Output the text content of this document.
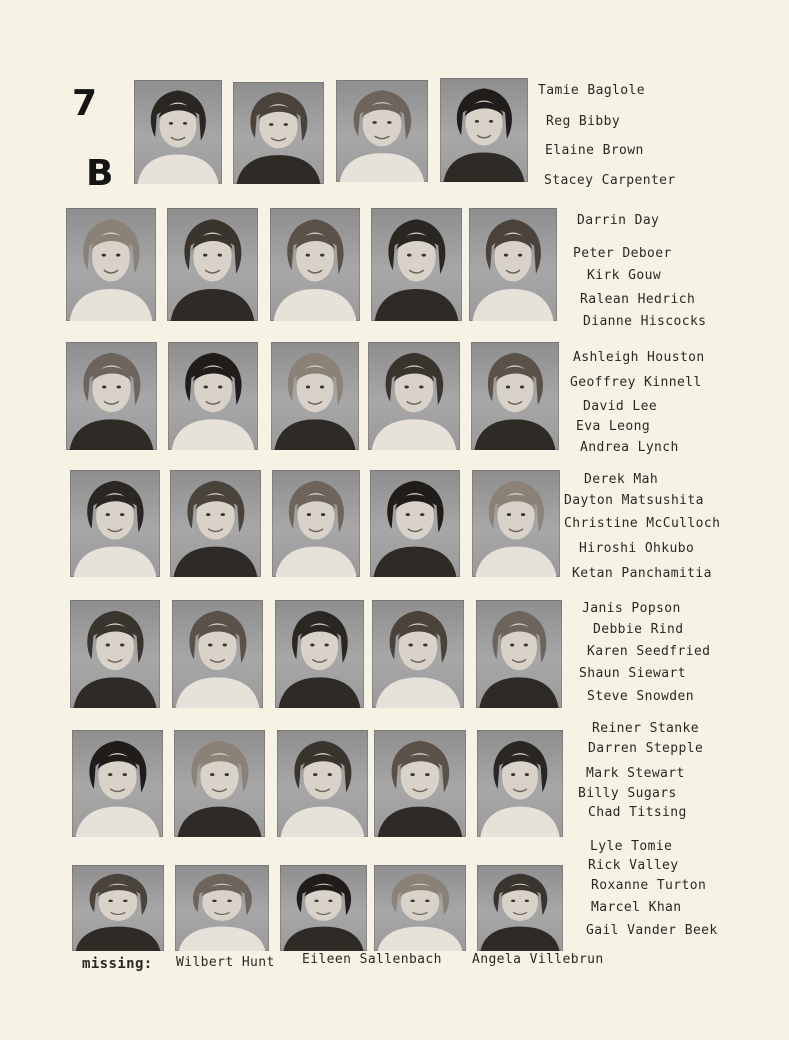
7
B
Tamie Baglole
Reg Bibby
Elaine Brown
Stacey Carpenter
Darrin Day
Peter Deboer
Kirk Gouw
Ralean Hedrich
Dianne Hiscocks
Ashleigh Houston
Geoffrey Kinnell
David Lee
Eva Leong
Andrea Lynch
Derek Mah
Dayton Matsushita
Christine McCulloch
Hiroshi Ohkubo
Ketan Panchamitia
Janis Popson
Debbie Rind
Karen Seedfried
Shaun Siewart
Steve Snowden
Reiner Stanke
Darren Stepple
Mark Stewart
Billy Sugars
Chad Titsing
Lyle Tomie
Rick Valley
Roxanne Turton
Marcel Khan
Gail Vander Beek
missing: Wilbert Hunt Eileen Sallenbach Angela Villebrun
